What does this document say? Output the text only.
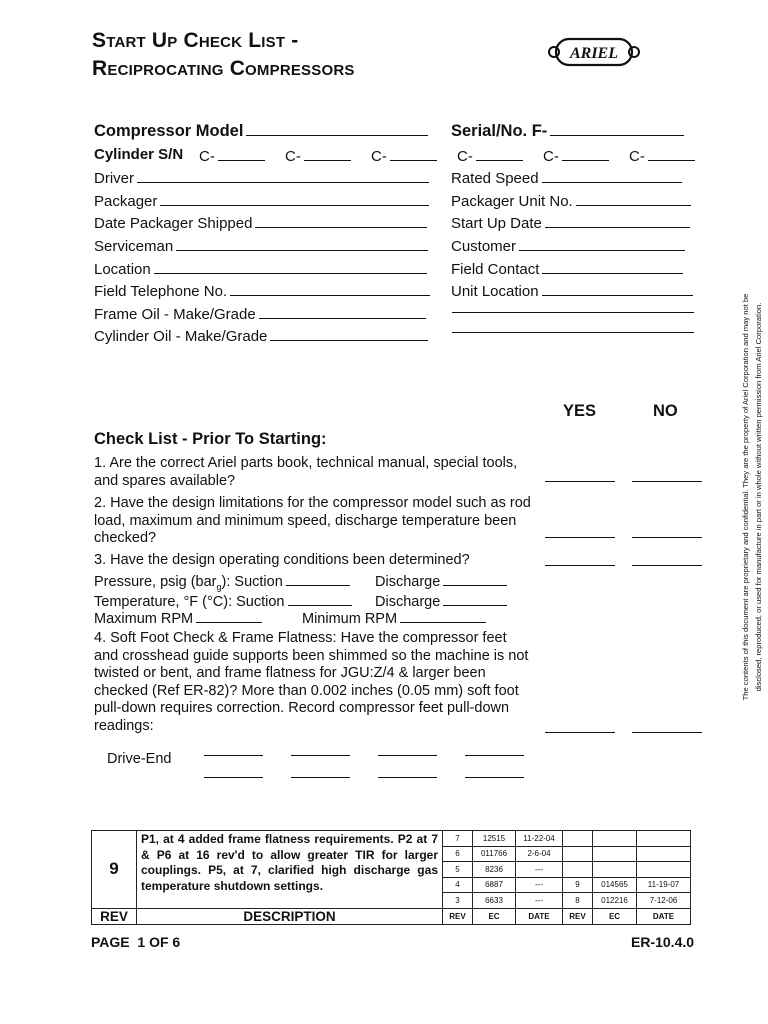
Start Up Check List -
Reciprocating Compressors
ARIEL
Compressor Model	Serial/No. F-
Cylinder S/N C-	C-	C-	C-	C-	C-
Driver
Packager
Date Packager Shipped
Serviceman
Location
Field Telephone No.
Frame Oil - Make/Grade
Cylinder Oil - Make/Grade
Rated Speed
Packager Unit No.
Start Up Date
Customer
Field Contact
Unit Location
YES	NO
Check List - Prior To Starting:
1. Are the correct Ariel parts book, technical manual, special tools, and spares available?
2. Have the design limitations for the compressor model such as rod load, maximum and minimum speed, discharge temperature been checked?
3. Have the design operating conditions been determined?
Pressure, psig (bar$_g$): Suction	Discharge
Temperature, °F (°C): Suction	Discharge
Maximum RPM	Minimum RPM
4. Soft Foot Check & Frame Flatness: Have the compressor feet and crosshead guide supports been shimmed so the machine is not twisted or bent, and frame flatness for JGU:Z/4 & larger been checked (Ref ER-82)? More than 0.002 inches (0.05 mm) soft foot pull-down requires correction. Record compressor feet pull-down readings:
Drive-End
The contents of this document are proprietary and confidential. They are the property of Ariel Corporation and may not be disclosed, reproduced, or used for manufacture in part or in whole without written permission from Ariel Corporation.
9	P1, at 4 added frame flatness requirements. P2 at 7 & P6 at 16 rev'd to allow greater TIR for larger couplings. P5, at 7, clarified high discharge gas temperature shutdown settings.	7	12515	11-22-04			
		6	011766	2-6-04			
		5	8236	---			
		4	6887	---	9	014565	11-19-07
		3	6633	---	8	012216	7-12-06
REV	DESCRIPTION	REV	EC	DATE	REV	EC	DATE
PAGE  1 OF 6	ER-10.4.0
